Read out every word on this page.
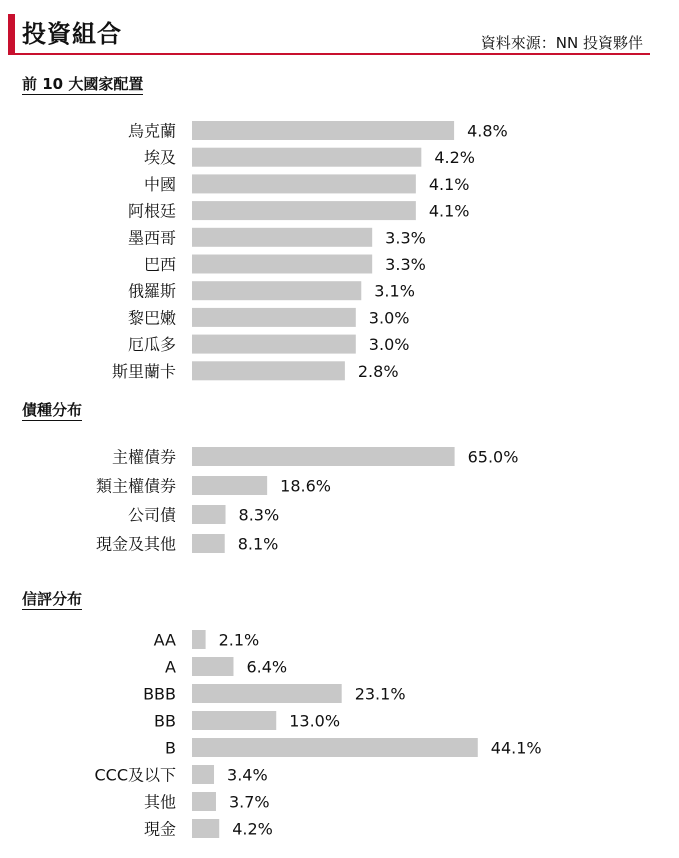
投資組合	資料來源：NN 投資夥伴
前 10 大國家配置
債種分布
信評分布
烏克蘭	4.8%
埃及	4.2%
中國	4.1%
阿根廷	4.1%
墨西哥	3.3%
巴西	3.3%
俄羅斯	3.1%
黎巴嫩	3.0%
厄瓜多	3.0%
斯里蘭卡	2.8%
主權債券	65.0%
類主權債券	18.6%
公司債	8.3%
現金及其他	8.1%
AA	2.1%
A	6.4%
BBB	23.1%
BB	13.0%
B	44.1%
CCC及以下	3.4%
其他	3.7%
現金	4.2%
